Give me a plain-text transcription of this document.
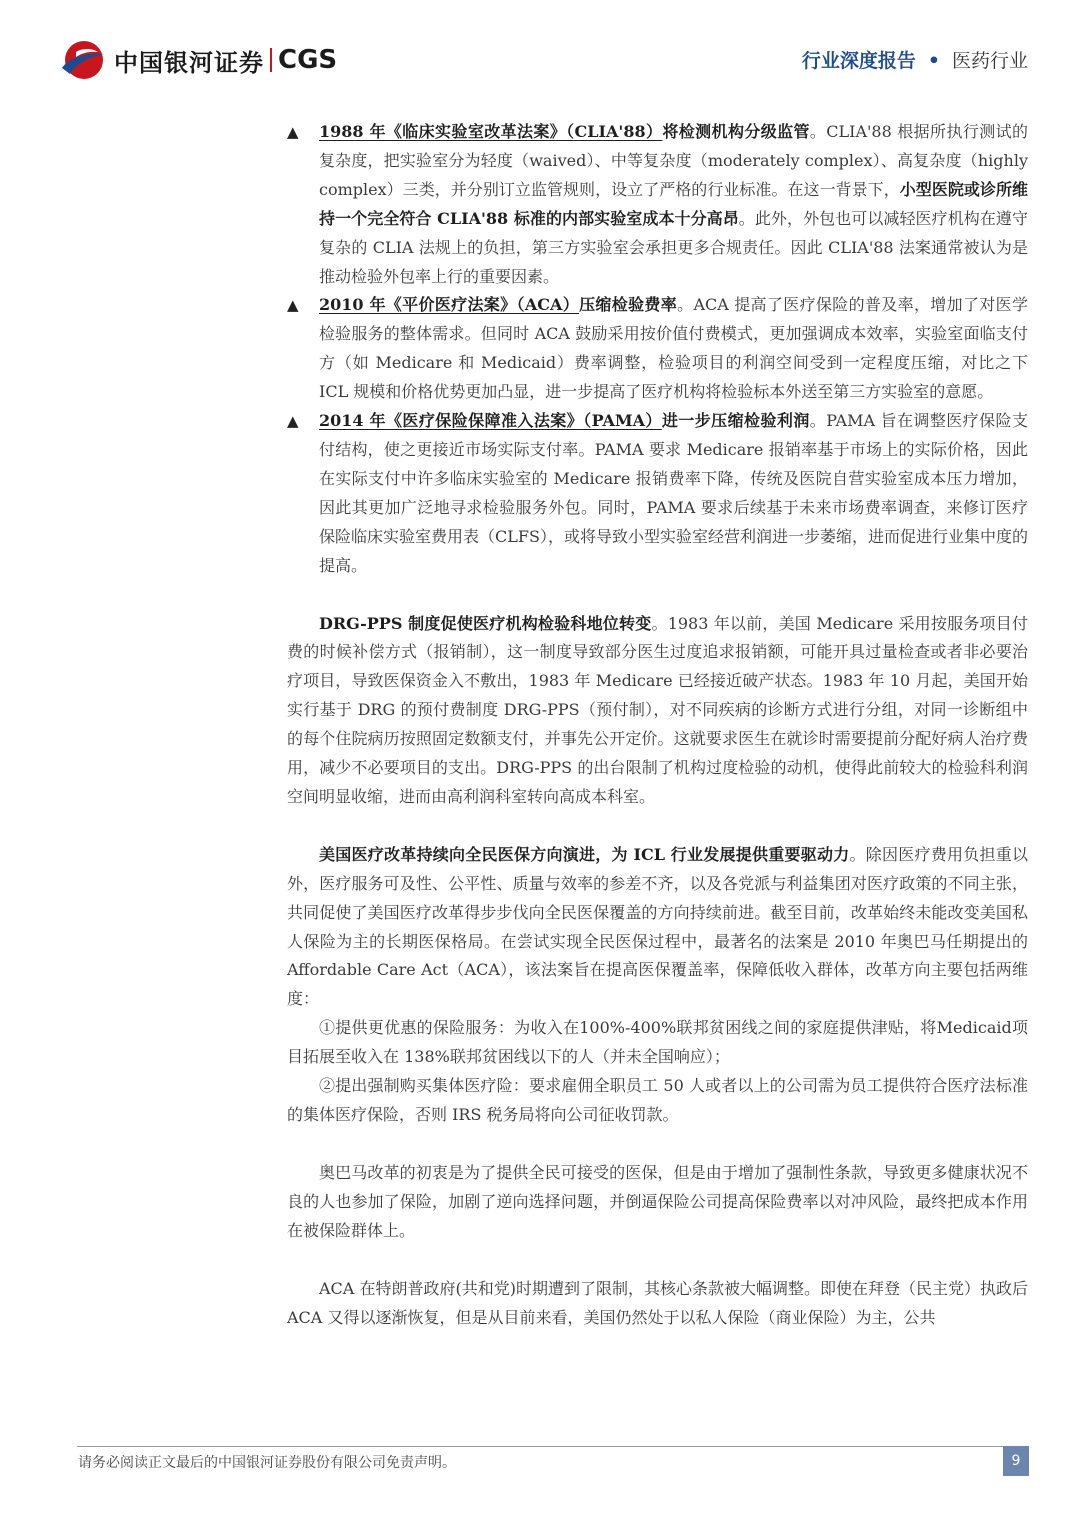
中国银河证券 CGS	行业深度报告 • 医药行业
▲ 1988 年《临床实验室改革法案》（CLIA'88）将检测机构分级监管。CLIA'88 根据所执行测试的复杂度，把实验室分为轻度（waived）、中等复杂度（moderately complex）、高复杂度（highly complex）三类，并分别订立监管规则，设立了严格的行业标准。在这一背景下，小型医院或诊所维持一个完全符合 CLIA'88 标准的内部实验室成本十分高昂。此外，外包也可以减轻医疗机构在遵守复杂的 CLIA 法规上的负担，第三方实验室会承担更多合规责任。因此 CLIA'88 法案通常被认为是推动检验外包率上行的重要因素。
▲ 2010 年《平价医疗法案》（ACA）压缩检验费率。ACA 提高了医疗保险的普及率，增加了对医学检验服务的整体需求。但同时 ACA 鼓励采用按价值付费模式，更加强调成本效率，实验室面临支付方（如 Medicare 和 Medicaid）费率调整，检验项目的利润空间受到一定程度压缩，对比之下 ICL 规模和价格优势更加凸显，进一步提高了医疗机构将检验标本外送至第三方实验室的意愿。
▲ 2014 年《医疗保险保障准入法案》（PAMA）进一步压缩检验利润。PAMA 旨在调整医疗保险支付结构，使之更接近市场实际支付率。PAMA 要求 Medicare 报销率基于市场上的实际价格，因此在实际支付中许多临床实验室的 Medicare 报销费率下降，传统及医院自营实验室成本压力增加，因此其更加广泛地寻求检验服务外包。同时，PAMA 要求后续基于未来市场费率调查，来修订医疗保险临床实验室费用表（CLFS），或将导致小型实验室经营利润进一步萎缩，进而促进行业集中度的提高。

DRG-PPS 制度促使医疗机构检验科地位转变。1983 年以前，美国 Medicare 采用按服务项目付费的时候补偿方式（报销制），这一制度导致部分医生过度追求报销额，可能开具过量检查或者非必要治疗项目，导致医保资金入不敷出，1983 年 Medicare 已经接近破产状态。1983 年 10 月起，美国开始实行基于 DRG 的预付费制度 DRG-PPS（预付制），对不同疾病的诊断方式进行分组，对同一诊断组中的每个住院病历按照固定数额支付，并事先公开定价。这就要求医生在就诊时需要提前分配好病人治疗费用，减少不必要项目的支出。DRG-PPS 的出台限制了机构过度检验的动机，使得此前较大的检验科利润空间明显收缩，进而由高利润科室转向高成本科室。

美国医疗改革持续向全民医保方向演进，为 ICL 行业发展提供重要驱动力。除因医疗费用负担重以外，医疗服务可及性、公平性、质量与效率的参差不齐，以及各党派与利益集团对医疗政策的不同主张，共同促使了美国医疗改革得步步伐向全民医保覆盖的方向持续前进。截至目前，改革始终未能改变美国私人保险为主的长期医保格局。在尝试实现全民医保过程中，最著名的法案是 2010 年奥巴马任期提出的 Affordable Care Act（ACA），该法案旨在提高医保覆盖率，保障低收入群体，改革方向主要包括两维度：

①提供更优惠的保险服务：为收入在100%-400%联邦贫困线之间的家庭提供津贴，将Medicaid项目拓展至收入在 138%联邦贫困线以下的人（并未全国响应）；

②提出强制购买集体医疗险：要求雇佣全职员工 50 人或者以上的公司需为员工提供符合医疗法标准的集体医疗保险，否则 IRS 税务局将向公司征收罚款。

奥巴马改革的初衷是为了提供全民可接受的医保，但是由于增加了强制性条款，导致更多健康状况不良的人也参加了保险，加剧了逆向选择问题，并倒逼保险公司提高保险费率以对冲风险，最终把成本作用在被保险群体上。

ACA 在特朗普政府(共和党)时期遭到了限制，其核心条款被大幅调整。即使在拜登（民主党）执政后 ACA 又得以逐渐恢复，但是从目前来看，美国仍然处于以私人保险（商业保险）为主，公共

请务必阅读正文最后的中国银河证券股份有限公司免责声明。	9
